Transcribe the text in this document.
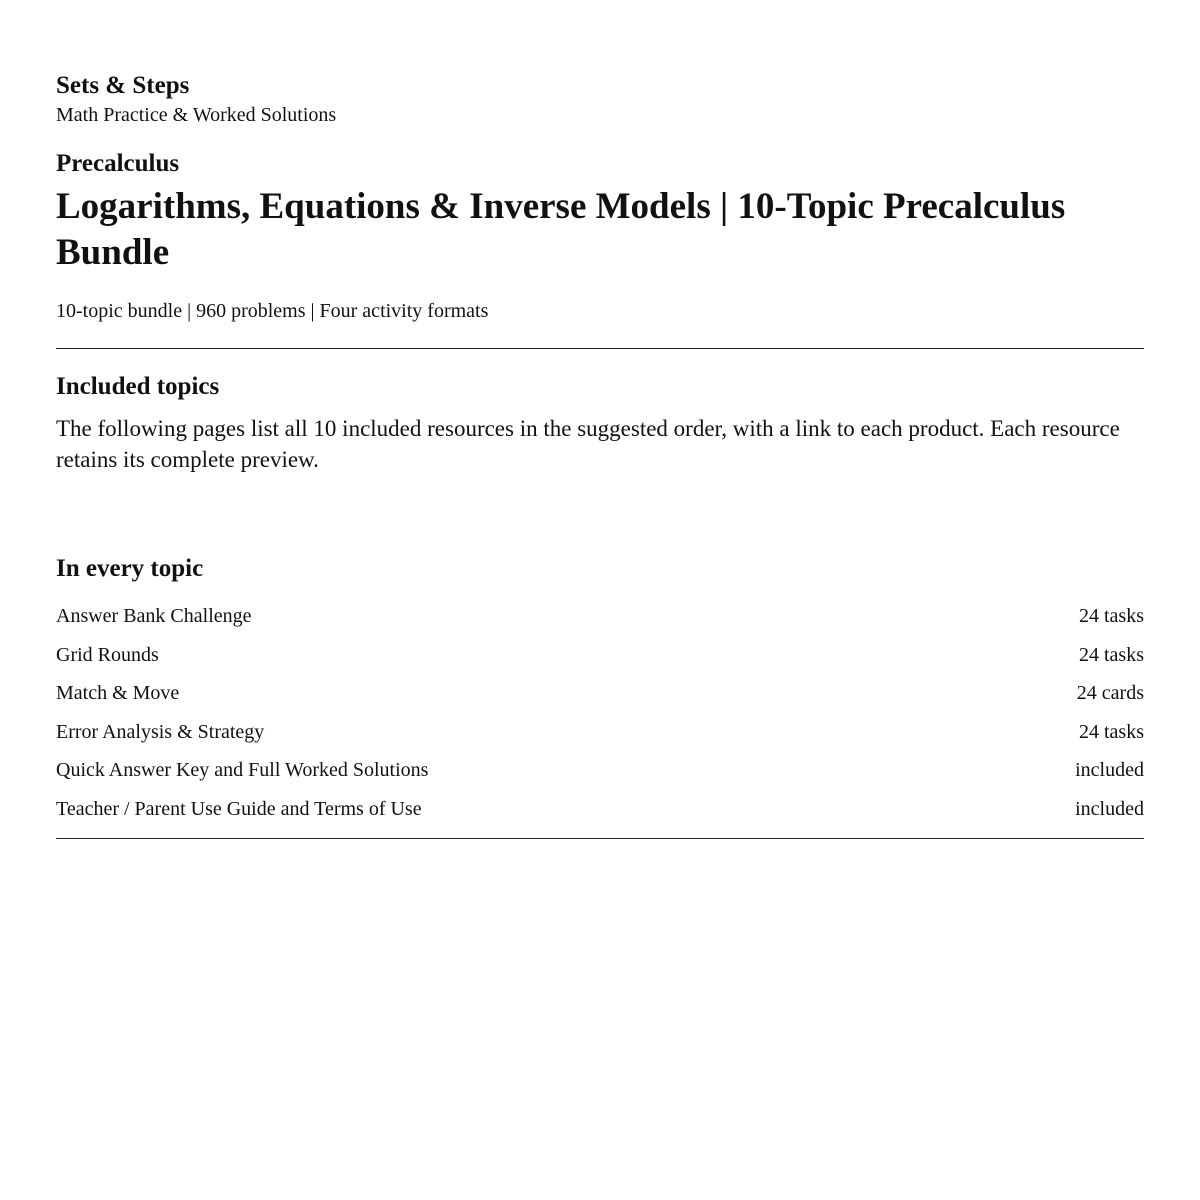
Sets & Steps

Math Practice & Worked Solutions

Precalculus

Logarithms, Equations & Inverse Models | 10-Topic Precalculus Bundle

10-topic bundle | 960 problems | Four activity formats

Included topics

The following pages list all 10 included resources in the suggested order, with a link to each product. Each resource retains its complete preview.

In every topic
Answer Bank Challenge	24 tasks
Grid Rounds	24 tasks
Match & Move	24 cards
Error Analysis & Strategy	24 tasks
Quick Answer Key and Full Worked Solutions	included
Teacher / Parent Use Guide and Terms of Use	included
